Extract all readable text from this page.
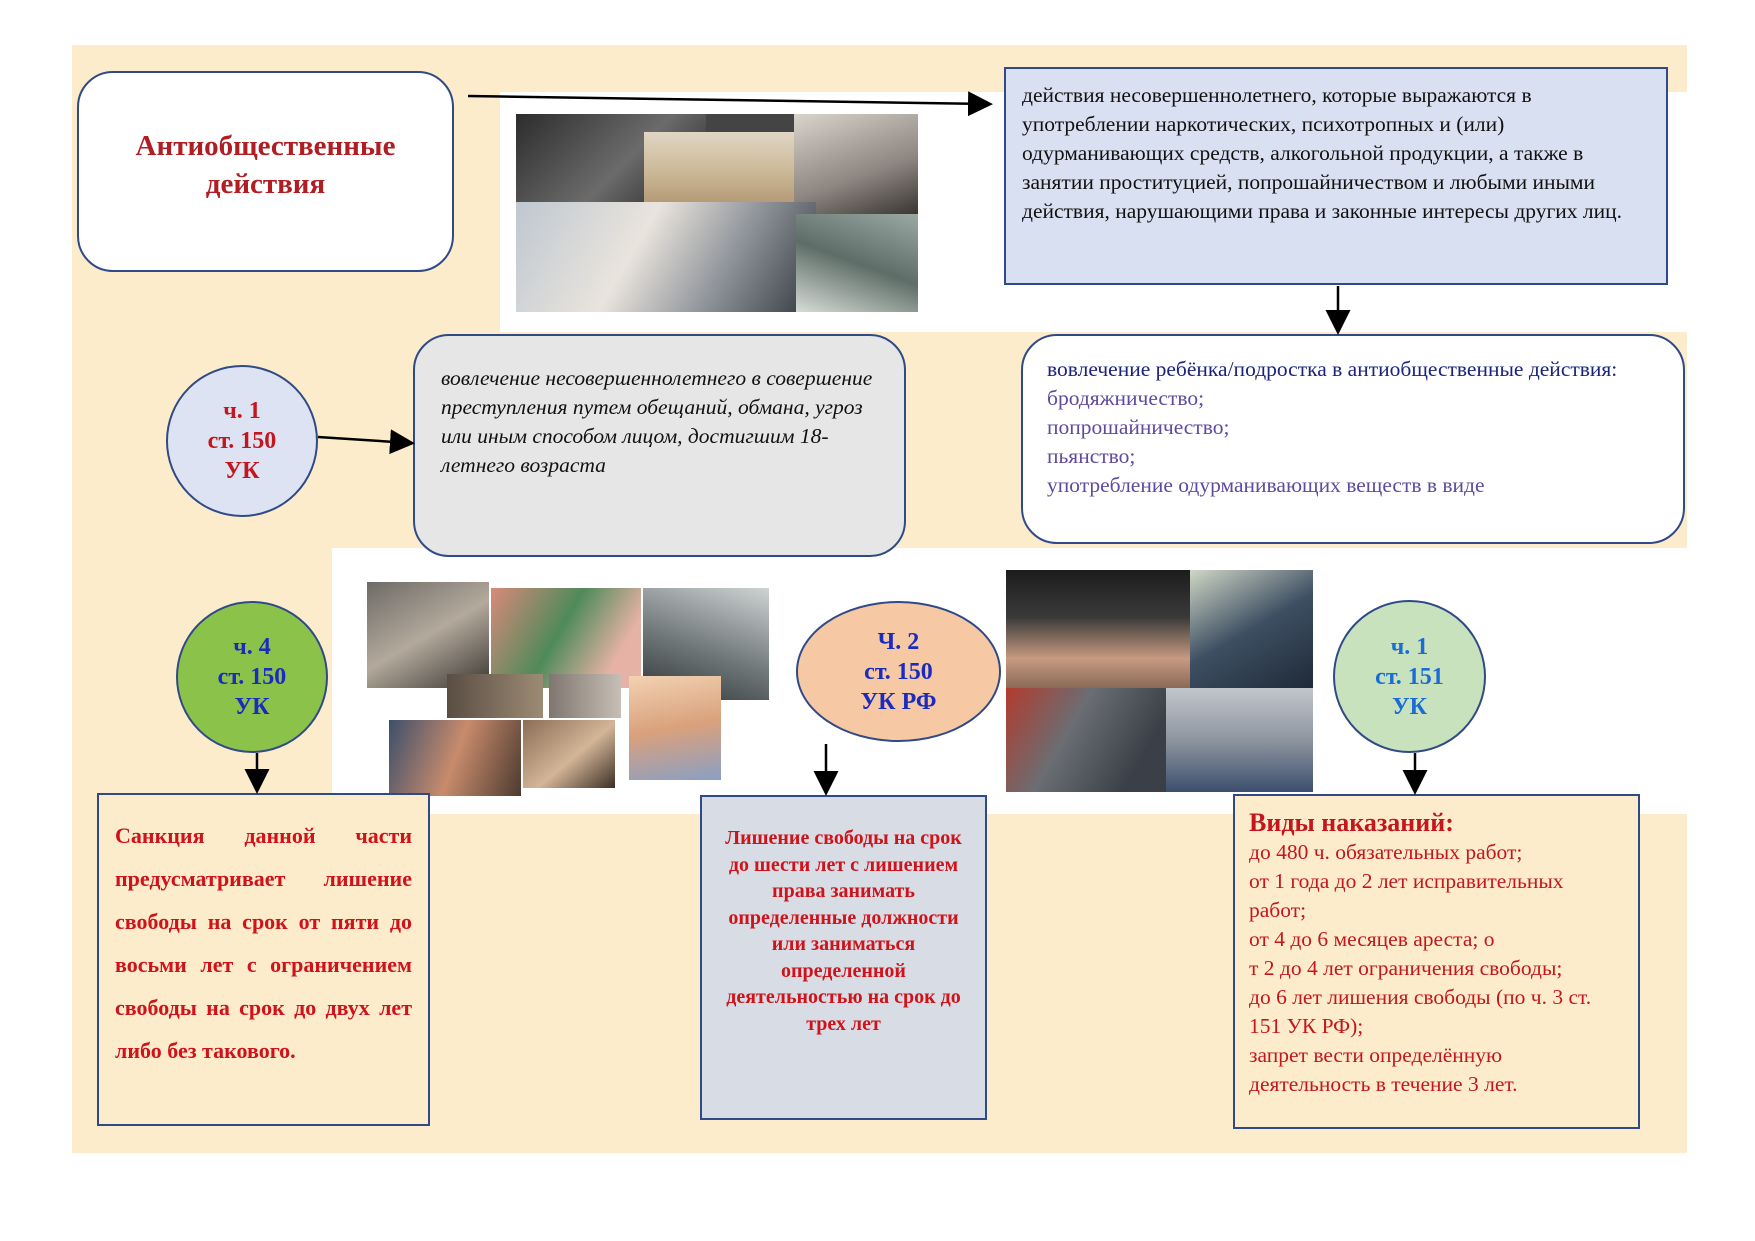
Антиобщественные
действия
действия несовершеннолетнего, которые выражаются в употреблении наркотических, психотропных и (или) одурманивающих средств, алкогольной продукции, а также в занятии проституцией, попрошайничеством и любыми иными действия, нарушающими права и законные интересы других лиц.
вовлечение ребёнка/подростка в антиобщественные действия:
бродяжничество;
попрошайничество;
пьянство;
употребление одурманивающих веществ в виде
ч. 1
ст. 150
УК
вовлечение несовершеннолетнего в совершение преступления путем обещаний, обмана, угроз или иным способом лицом, достигшим 18-летнего возраста
ч. 4
ст. 150
УК
Ч. 2
ст. 150
УК РФ
ч. 1
ст. 151
УК
Санкция данной части предусматривает лишение свободы на срок от пяти до восьми лет с ограничением свободы на срок до двух лет либо без такового.
Лишение свободы на срок до шести лет с лишением права занимать определенные должности или заниматься определенной деятельностью на срок до трех лет
Виды наказаний:
до 480 ч. обязательных работ;
от 1 года до 2 лет исправительных работ;
от 4 до 6 месяцев ареста; о
т 2 до 4 лет ограничения свободы;
до 6 лет лишения свободы (по ч. 3 ст. 151 УК РФ);
запрет вести определённую деятельность в течение 3 лет.
